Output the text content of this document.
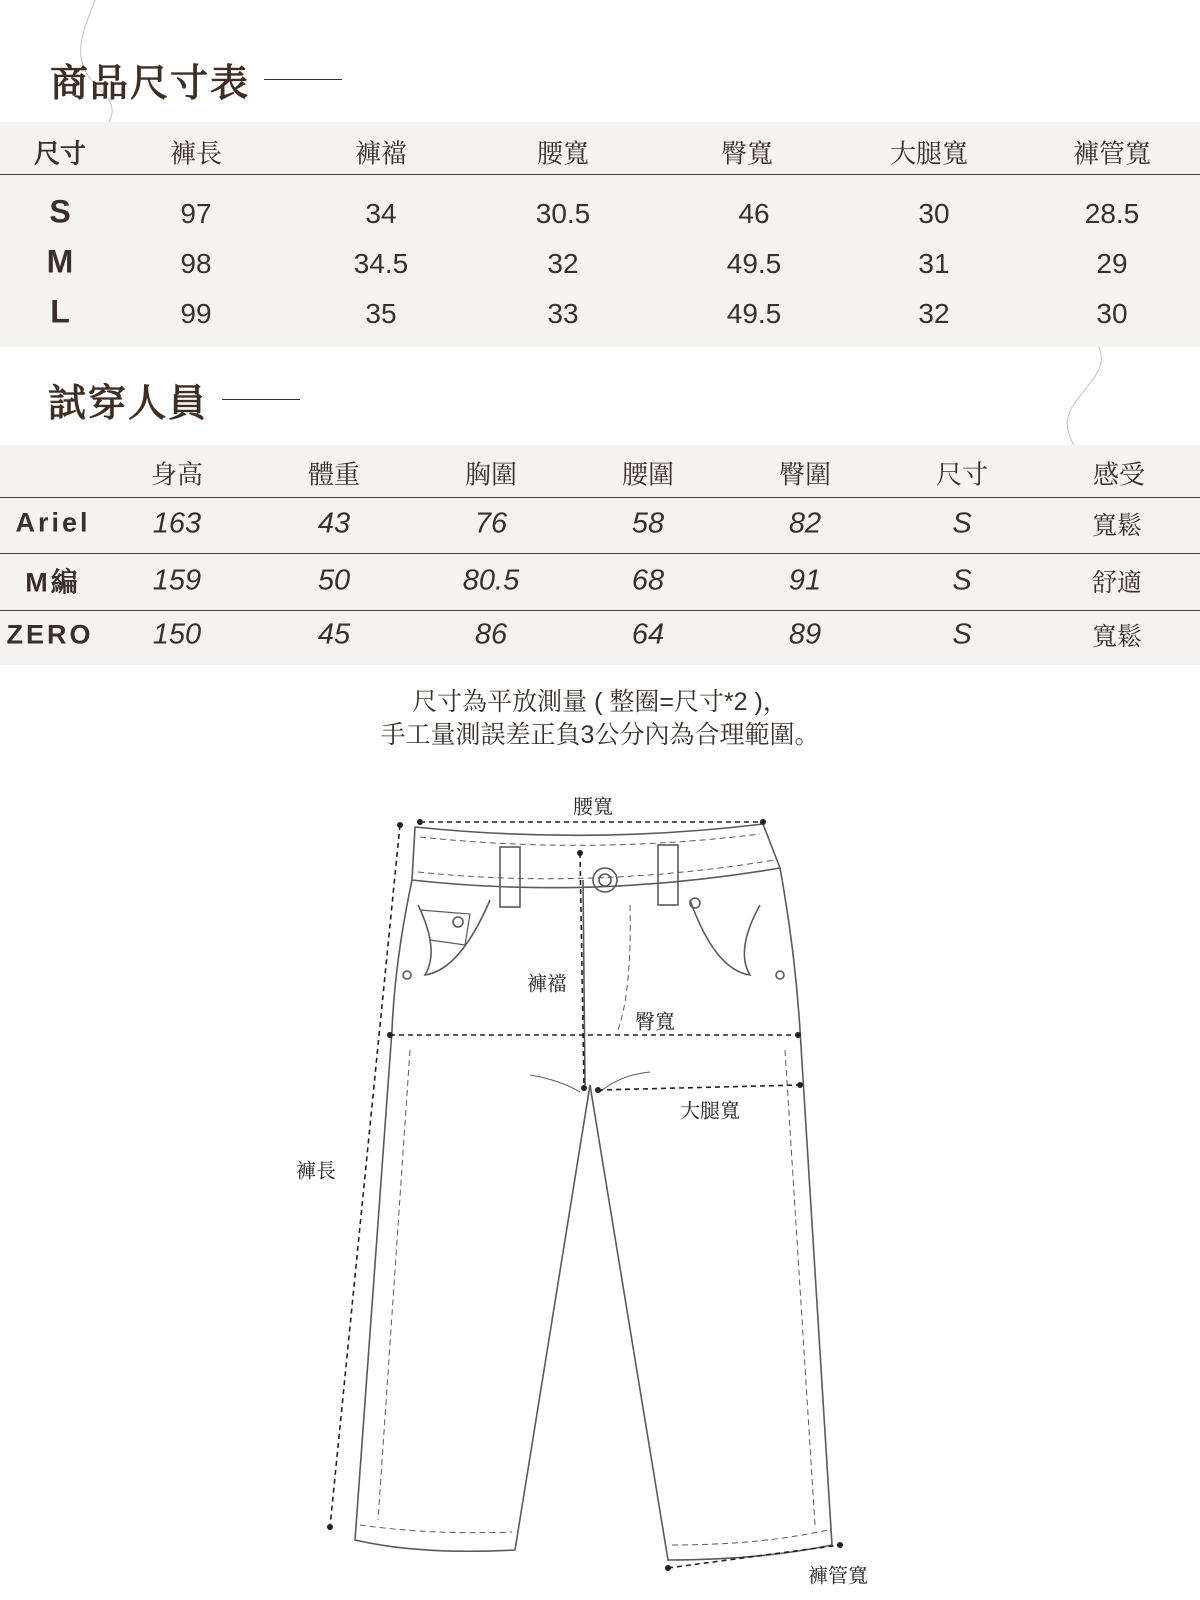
商品尺寸表
尺寸	褲長	褲襠	腰寬	臀寬	大腿寬	褲管寬
S	97	34	30.5	46	30	28.5
M	98	34.5	32	49.5	31	29
L	99	35	33	49.5	32	30
試穿人員
身高	體重	胸圍	腰圍	臀圍	尺寸	感受
Ariel 163	43	76	58	82	S	寬鬆
M編 159	50	80.5	68	91	S	舒適
ZERO 150	45	86	64	89	S	寬鬆
尺寸為平放測量 ( 整圈=尺寸*2 )，
手工量測誤差正負3公分內為合理範圍。
腰寬
褲襠
臀寬
大腿寬
褲長
褲管寬
